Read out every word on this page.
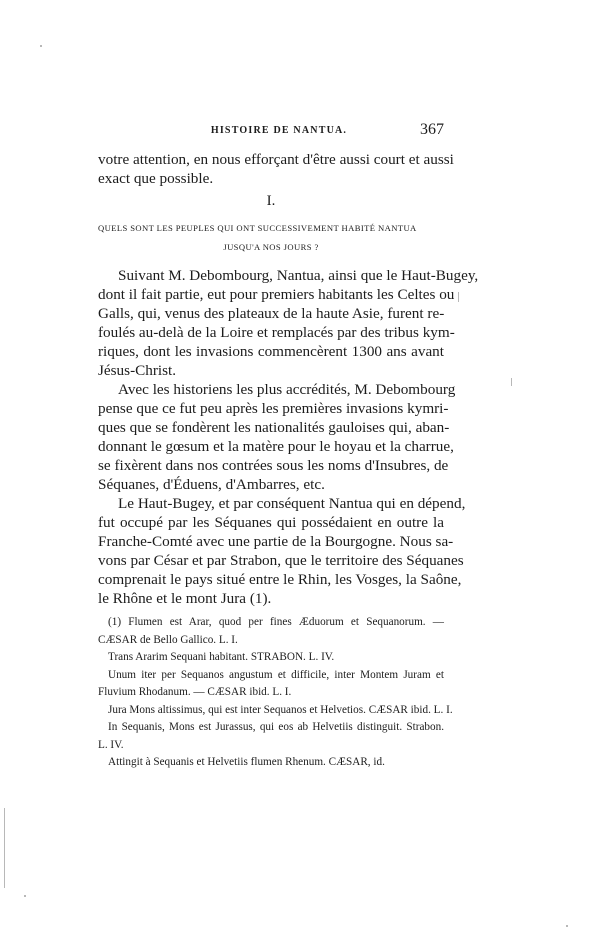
HISTOIRE DE NANTUA.	367
votre attention, en nous efforçant d'être aussi court et aussi
exact que possible.
I.
QUELS SONT LES PEUPLES QUI ONT SUCCESSIVEMENT HABITÉ NANTUA
JUSQU'A NOS JOURS ?
Suivant M. Debombourg, Nantua, ainsi que le Haut-Bugey,
dont il fait partie, eut pour premiers habitants les Celtes ou
Galls, qui, venus des plateaux de la haute Asie, furent re-
foulés au-delà de la Loire et remplacés par des tribus kym-
riques, dont les invasions commencèrent 1300 ans avant
Jésus-Christ.
Avec les historiens les plus accrédités, M. Debombourg
pense que ce fut peu après les premières invasions kymri-
ques que se fondèrent les nationalités gauloises qui, aban-
donnant le gœsum et la matère pour le hoyau et la charrue,
se fixèrent dans nos contrées sous les noms d'Insubres, de
Séquanes, d'Éduens, d'Ambarres, etc.
Le Haut-Bugey, et par conséquent Nantua qui en dépend,
fut occupé par les Séquanes qui possédaient en outre la
Franche-Comté avec une partie de la Bourgogne. Nous sa-
vons par César et par Strabon, que le territoire des Séquanes
comprenait le pays situé entre le Rhin, les Vosges, la Saône,
le Rhône et le mont Jura (1).
(1) Flumen est Arar, quod per fines Æduorum et Sequanorum. —
CÆSAR de Bello Gallico. L. I.
Trans Ararim Sequani habitant. STRABON. L. IV.
Unum iter per Sequanos angustum et difficile, inter Montem Juram et
Fluvium Rhodanum. — CÆSAR ibid. L. I.
Jura Mons altissimus, qui est inter Sequanos et Helvetios. CÆSAR ibid. L. I.
In Sequanis, Mons est Jurassus, qui eos ab Helvetiis distinguit. Strabon.
L. IV.
Attingit à Sequanis et Helvetiis flumen Rhenum. CÆSAR, id.
